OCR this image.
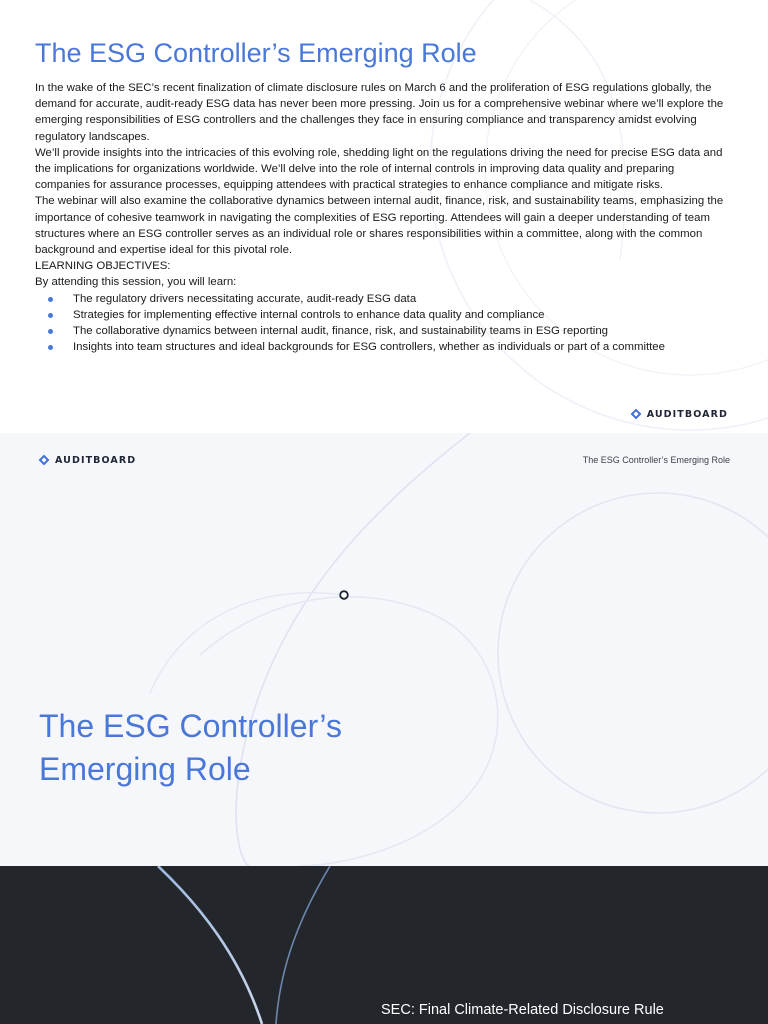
The ESG Controller’s Emerging Role

In the wake of the SEC’s recent finalization of climate disclosure rules on March 6 and the proliferation of ESG regulations globally, the demand for accurate, audit-ready ESG data has never been more pressing. Join us for a comprehensive webinar where we’ll explore the emerging responsibilities of ESG controllers and the challenges they face in ensuring compliance and transparency amidst evolving regulatory landscapes.

We’ll provide insights into the intricacies of this evolving role, shedding light on the regulations driving the need for precise ESG data and the implications for organizations worldwide. We’ll delve into the role of internal controls in improving data quality and preparing companies for assurance processes, equipping attendees with practical strategies to enhance compliance and mitigate risks.

The webinar will also examine the collaborative dynamics between internal audit, finance, risk, and sustainability teams, emphasizing the importance of cohesive teamwork in navigating the complexities of ESG reporting. Attendees will gain a deeper understanding of team structures where an ESG controller serves as an individual role or shares responsibilities within a committee, along with the common background and expertise ideal for this pivotal role.

LEARNING OBJECTIVES:

By attending this session, you will learn:

The regulatory drivers necessitating accurate, audit-ready ESG data
Strategies for implementing effective internal controls to enhance data quality and compliance
The collaborative dynamics between internal audit, finance, risk, and sustainability teams in ESG reporting
Insights into team structures and ideal backgrounds for ESG controllers, whether as individuals or part of a committee
AUDITBOARD
AUDITBOARD	The ESG Controller’s Emerging Role
The ESG Controller’s
Emerging Role
SEC: Final Climate-Related Disclosure Rule
